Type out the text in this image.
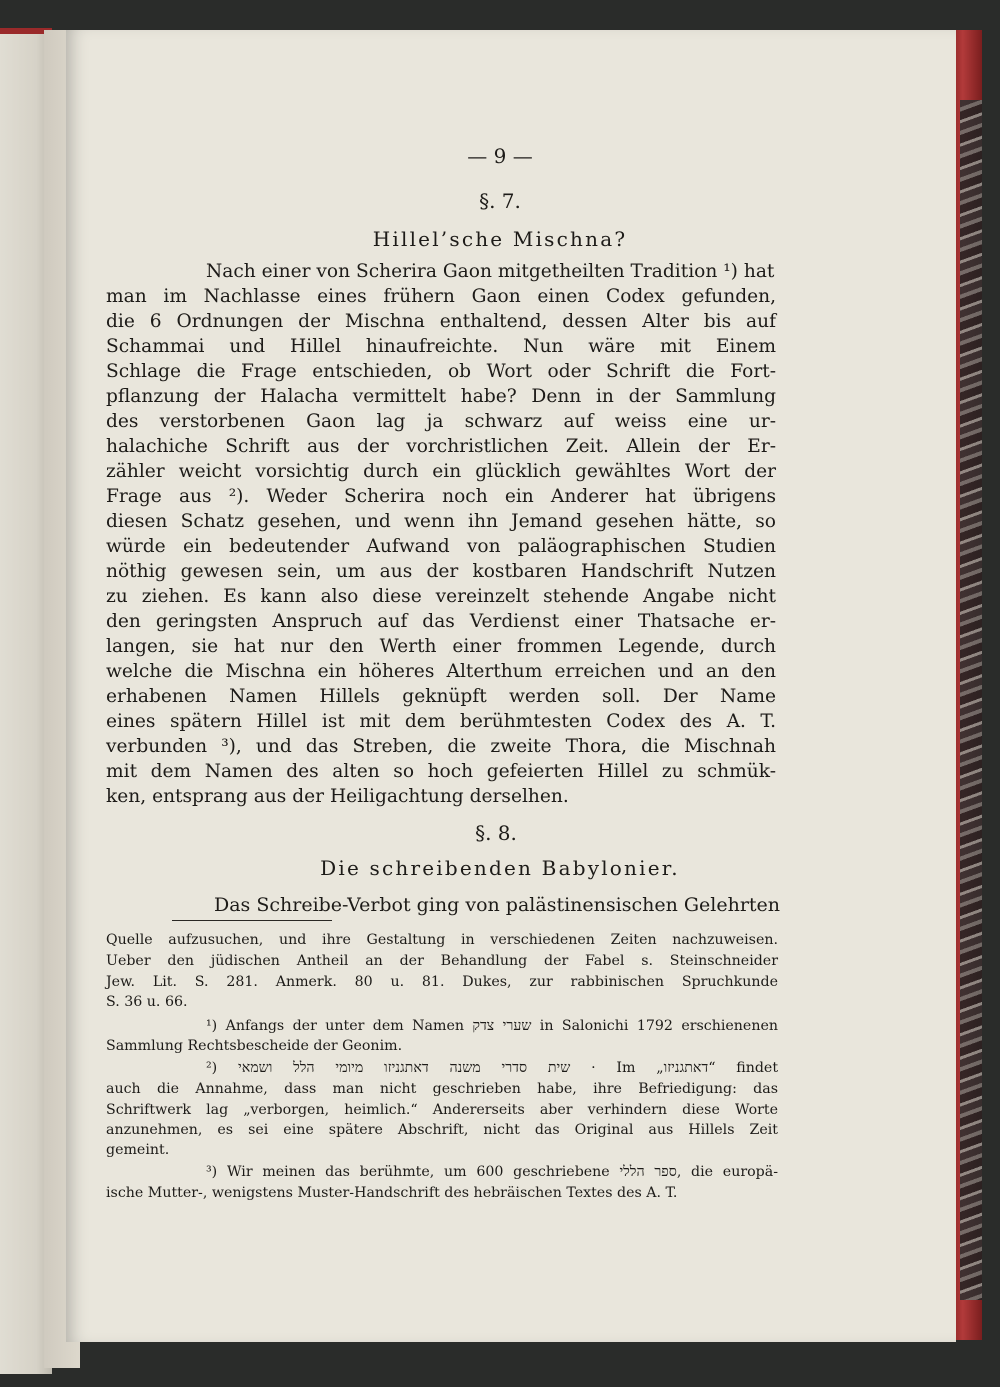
— 9 —
§. 7.
Hillel’sche Mischna?
Nach einer von Scherira Gaon mitgetheilten Tradition ¹) hat
man im Nachlasse eines frühern Gaon einen Codex gefunden,
die 6 Ordnungen der Mischna enthaltend, dessen Alter bis auf
Schammai und Hillel hinaufreichte. Nun wäre mit Einem
Schlage die Frage entschieden, ob Wort oder Schrift die Fort-
pflanzung der Halacha vermittelt habe? Denn in der Sammlung
des verstorbenen Gaon lag ja schwarz auf weiss eine ur-
halachiche Schrift aus der vorchristlichen Zeit. Allein der Er-
zähler weicht vorsichtig durch ein glücklich gewähltes Wort der
Frage aus ²). Weder Scherira noch ein Anderer hat übrigens
diesen Schatz gesehen, und wenn ihn Jemand gesehen hätte, so
würde ein bedeutender Aufwand von paläographischen Studien
nöthig gewesen sein, um aus der kostbaren Handschrift Nutzen
zu ziehen. Es kann also diese vereinzelt stehende Angabe nicht
den geringsten Anspruch auf das Verdienst einer Thatsache er-
langen, sie hat nur den Werth einer frommen Legende, durch
welche die Mischna ein höheres Alterthum erreichen und an den
erhabenen Namen Hillels geknüpft werden soll. Der Name
eines spätern Hillel ist mit dem berühmtesten Codex des A. T.
verbunden ³), und das Streben, die zweite Thora, die Mischnah
mit dem Namen des alten so hoch gefeierten Hillel zu schmük-
ken, entsprang aus der Heiligachtung derselhen.
§. 8.
Die schreibenden Babylonier.
Das Schreibe-Verbot ging von palästinensischen Gelehrten
Quelle aufzusuchen, und ihre Gestaltung in verschiedenen Zeiten nachzuweisen.
Ueber den jüdischen Antheil an der Behandlung der Fabel s. Steinschneider
Jew. Lit. S. 281. Anmerk. 80 u. 81. Dukes, zur rabbinischen Spruchkunde
S. 36 u. 66.
¹) Anfangs der unter dem Namen שערי צדק in Salonichi 1792 erschienenen
Sammlung Rechtsbescheide der Geonim.
²) שית סדרי משנה דאתגניזו מיומי הלל ושמאי · Im „דאתגניזו“ findet
auch die Annahme, dass man nicht geschrieben habe, ihre Befriedigung: das
Schriftwerk lag „verborgen, heimlich.“ Andererseits aber verhindern diese Worte
anzunehmen, es sei eine spätere Abschrift, nicht das Original aus Hillels Zeit
gemeint.
³) Wir meinen das berühmte, um 600 geschriebene ספר הללי, die europä-
ische Mutter-, wenigstens Muster-Handschrift des hebräischen Textes des A. T.
